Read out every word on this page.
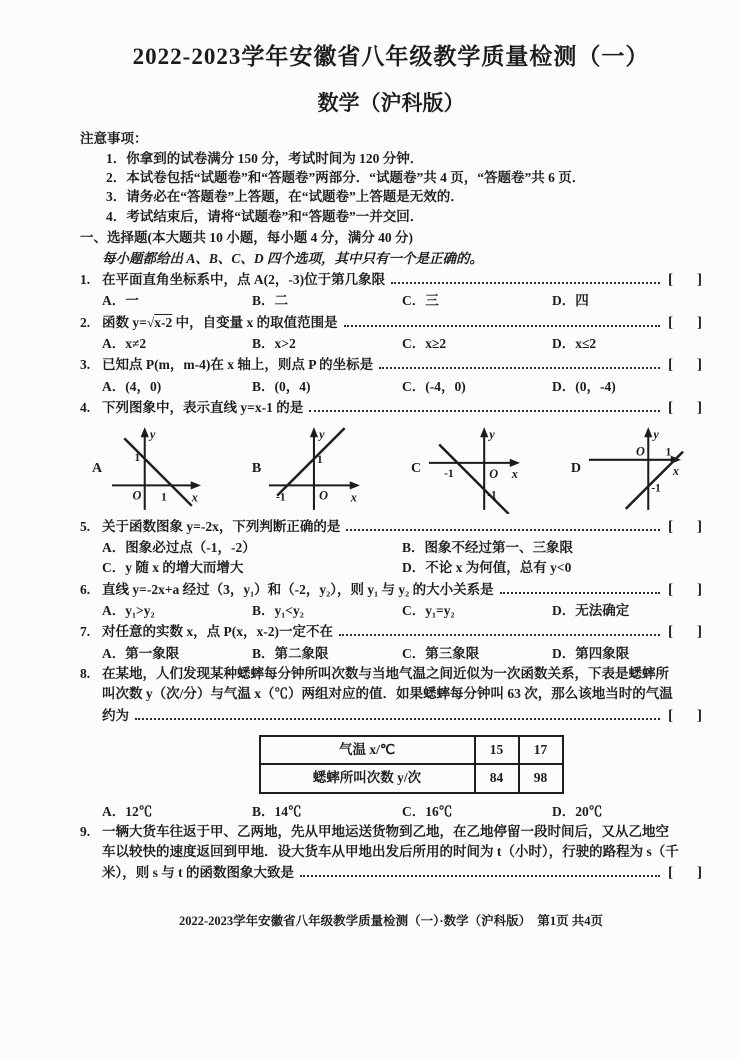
2022-2023学年安徽省八年级教学质量检测（一）
数学（沪科版）
注意事项：
1．你拿到的试卷满分 150 分，考试时间为 120 分钟．
2．本试卷包括“试题卷”和“答题卷”两部分．“试题卷”共 4 页，“答题卷”共 6 页．
3．请务必在“答题卷”上答题，在“试题卷”上答题是无效的．
4．考试结束后，请将“试题卷”和“答题卷”一并交回．
一、选择题(本大题共 10 小题，每小题 4 分，满分 40 分)
每小题都给出 A、B、C、D 四个选项，其中只有一个是正确的。
1. 在平面直角坐标系中，点 A(2，-3)位于第几象限	[ ]
A．一	B．二	C．三	D．四
2. 函数 y=√x-2 中，自变量 x 的取值范围是	[ ]
A．x≠2	B．x>2	C．x≥2	D．x≤2
3. 已知点 P(m，m-4)在 x 轴上，则点 P 的坐标是	[ ]
A．(4，0)	B．(0，4)	C．(-4，0)	D．(0，-4)
4. 下列图象中，表示直线 y=x-1 的是	[ ]
A
y
x
O
1
1
B
y
x
O
1
-1
C
y
x
O
-1
-1	D
y
x
O
-1
1
5. 关于函数图象 y=-2x，下列判断正确的是	[ ]
A．图象必过点（-1，-2）	B．图象不经过第一、三象限
C．y 随 x 的增大而增大	D．不论 x 为何值，总有 y<0
6. 直线 y=-2x+a 经过（3，y₁）和（-2，y₂），则 y₁ 与 y₂ 的大小关系是	[ ]
A．y₁>y₂	B．y₁<y₂	C．y₁=y₂	D．无法确定
7. 对任意的实数 x，点 P(x，x-2)一定不在	[ ]
A．第一象限	B．第二象限	C．第三象限	D．第四象限
8. 在某地，人们发现某种蟋蟀每分钟所叫次数与当地气温之间近似为一次函数关系，下表是蟋蟀所
叫次数 y（次/分）与气温 x（℃）两组对应的值．如果蟋蟀每分钟叫 63 次，那么该地当时的气温
约为	[ ]
气温 x/℃	15	17
蟋蟀所叫次数 y/次	84	98
A．12℃	B．14℃	C．16℃	D．20℃
9. 一辆大货车往返于甲、乙两地，先从甲地运送货物到乙地，在乙地停留一段时间后，又从乙地空
车以较快的速度返回到甲地．设大货车从甲地出发后所用的时间为 t（小时），行驶的路程为 s（千
米），则 s 与 t 的函数图象大致是	[ ]
2022-2023学年安徽省八年级教学质量检测（一）·数学（沪科版）　第1页 共4页
